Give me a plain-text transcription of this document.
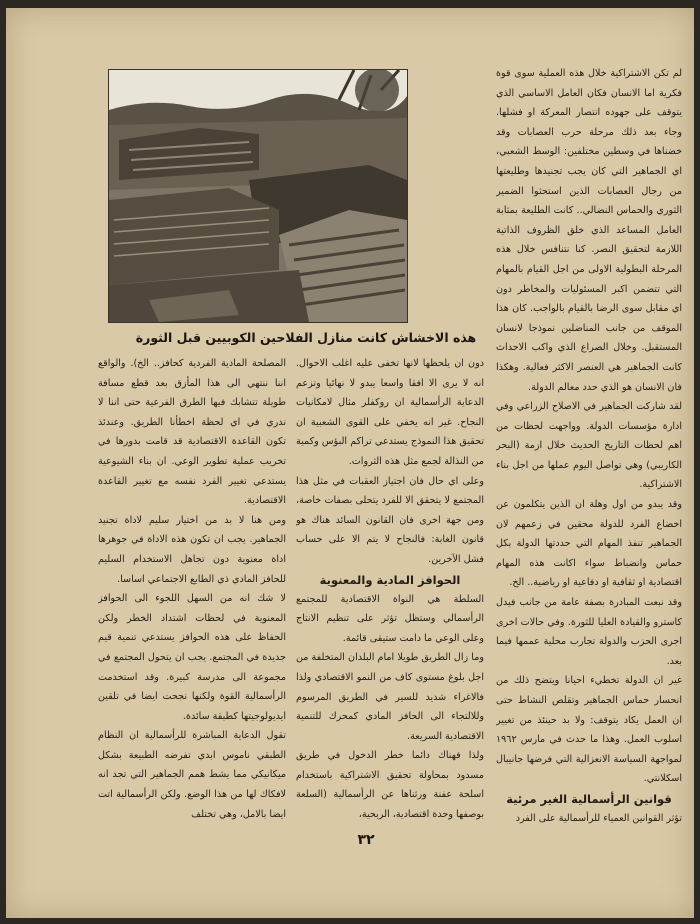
هذه الاخشاش كانت منازل الفلاحين الكوبيين قبل الثورة

لم تكن الاشتراكية خلال هذه العملية سوى قوة فكرية اما الانسان فكان العامل الاساسي الذي يتوقف على جهوده انتصار المعركة او فشلها. وجاء بعد ذلك مرحلة حرب العصابات وقد خضناها في وسطين مختلفين: الوسط الشعبي، اي الجماهير التي كان يجب تجنيدها وطليعتها من رجال العصابات الذين استحثوا الضمير الثوري والحماس النضالي.. كانت الطليعة بمثابة العامل المساعد الذي خلق الظروف الذاتية اللازمة لتحقيق النصر. كنا نتنافس خلال هذه المرحلة البطولية الاولى من اجل القيام بالمهام التي تتضمن اكبر المسئوليات والمخاطر دون اي مقابل سوى الرضا بالقيام بالواجب. كان هذا الموقف من جانب المناضلين نموذجا لانسان المستقبل. وخلال الصراع الذي واكب الاحداث كانت الجماهير هي العنصر الاكثر فعالية. وهكذا فان الانسان هو الذي حدد معالم الدولة.

لقد شاركت الجماهير في الاصلاح الزراعي وفي ادارة مؤسسات الدولة. وواجهت لحظات من اهم لحظات التاريخ الحديث خلال ازمة (البحر الكاريبي) وهي تواصل اليوم عملها من اجل بناء الاشتراكية.

وقد يبدو من اول وهلة ان الذين يتكلمون عن اخضاع الفرد للدولة محقين في زعمهم لان الجماهير تنفذ المهام التي حددتها الدولة بكل حماس وانضباط سواء اكانت هذه المهام اقتصادية او ثقافية او دفاعية او رياضية.. الخ.

وقد نبعت المبادرة بصفة عامة من جانب فيدل كاسترو والقيادة العليا للثورة. وفي حالات اخرى اجرى الحزب والدولة تجارب محلية عممها فيما بعد.

غير ان الدولة تخطيء احيانا ويتضح ذلك من انحسار حماس الجماهير وتقلص النشاط حتى ان العمل يكاد يتوقف: ولا بد حينئذ من تغيير اسلوب العمل. وهذا ما حدث في مارس ١٩٦٢ لمواجهة السياسة الانعزالية التي فرضها جانيبال اسكلانتي.

قوانين الرأسمالية الغير مرئية

تؤثر القوانين العمياء للرأسمالية على الفرد

دون ان يلحظها لانها تخفى عليه اغلب الاحوال. انه لا يرى الا افقا واسعا يبدو لا نهائيا وتزعم الدعاية الرأسمالية ان روكفلر مثال لامكانيات النجاح. غير انه يخفي على القوى الشعبية ان تحقيق هذا النموذج يستدعي تراكم البؤس وكمية من النذالة لجمع مثل هذه الثروات.

وعلى اي حال فان اجتياز العقبات في مثل هذا المجتمع لا يتحقق الا للفرد يتحلى بصفات خاصة، ومن جهة اخرى فان القانون السائد هناك هو قانون الغابة: فالنجاح لا يتم الا على حساب فشل الآخرين.

الحوافز المادية والمعنوية

السلطة هي النواة الاقتصادية للمجتمع الرأسمالي وستظل تؤثر على تنظيم الانتاج وعلى الوعي ما دامت ستيقى قائمة.

وما زال الطريق طويلا امام البلدان المتخلفة من اجل بلوغ مستوى كاف من النمو الاقتصادي ولذا فالاغراء شديد للسير في الطريق المرسوم وللالتجاء الى الحافز المادي كمحرك للتنمية الاقتصادية السريعة.

ولذا فهناك دائما خطر الدخول في طريق مسدود بمحاولة تحقيق الاشتراكية باستخدام اسلحة عفنة ورثناها عن الرأسمالية (السلعة بوصفها وحدة اقتصادية، الربحية،

المصلحة المادية الفردية كحافز.. الخ). والواقع اننا ننتهي الى هذا المأزق بعد قطع مسافة طويلة تتشابك فيها الطرق الفرعية حتى اننا لا ندري في اي لحظة اخطأنا الطريق. وعندئذ تكون القاعدة الاقتصادية قد قامت بدورها في تخريب عملية تطوير الوعي. ان بناء الشيوعية يستدعي تغيير الفرد نفسه مع تغيير القاعدة الاقتصادية.

ومن هنا لا بد من اختيار سليم لاداة تجنيد الجماهير. يجب ان تكون هذه الاداة في جوهرها اداة معنوية دون تجاهل الاستخدام السليم للحافز المادي ذي الطابع الاجتماعي اساسا.

لا شك انه من السهل اللجوء الى الحوافز المعنوية في لحظات اشتداد الخطر ولكن الحفاظ على هذه الحوافز يستدعي تنمية قيم جديدة في المجتمع. يجب ان يتحول المجتمع في مجموعة الى مدرسة كبيرة. وقد استخدمت الرأسمالية القوة ولكنها نجحت ايضا في تلقين ايديولوجيتها كطبقة سائدة.

تقول الدعاية المباشرة للرأسمالية ان النظام الطبقي ناموس ابدي تفرضه الطبيعة بشكل ميكانيكي مما يشط همم الجماهير التي تجد انه لافكاك لها من هذا الوضع. ولكن الرأسمالية اتت ايضا بالامل، وهي تختلف

٣٢
